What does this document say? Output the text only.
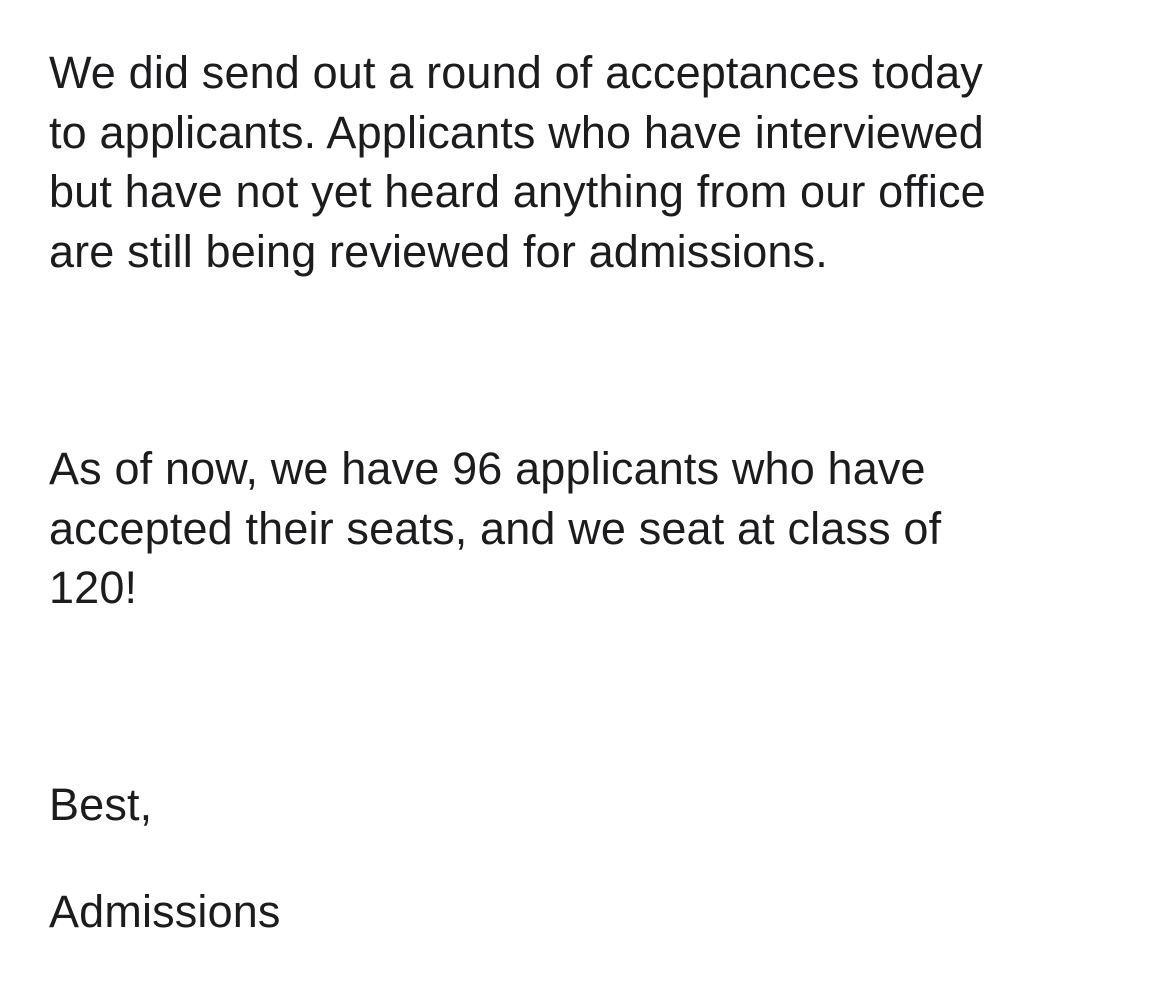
We did send out a round of acceptances today
to applicants. Applicants who have interviewed
but have not yet heard anything from our office
are still being reviewed for admissions.
As of now, we have 96 applicants who have
accepted their seats, and we seat at class of
120!
Best,
Admissions
